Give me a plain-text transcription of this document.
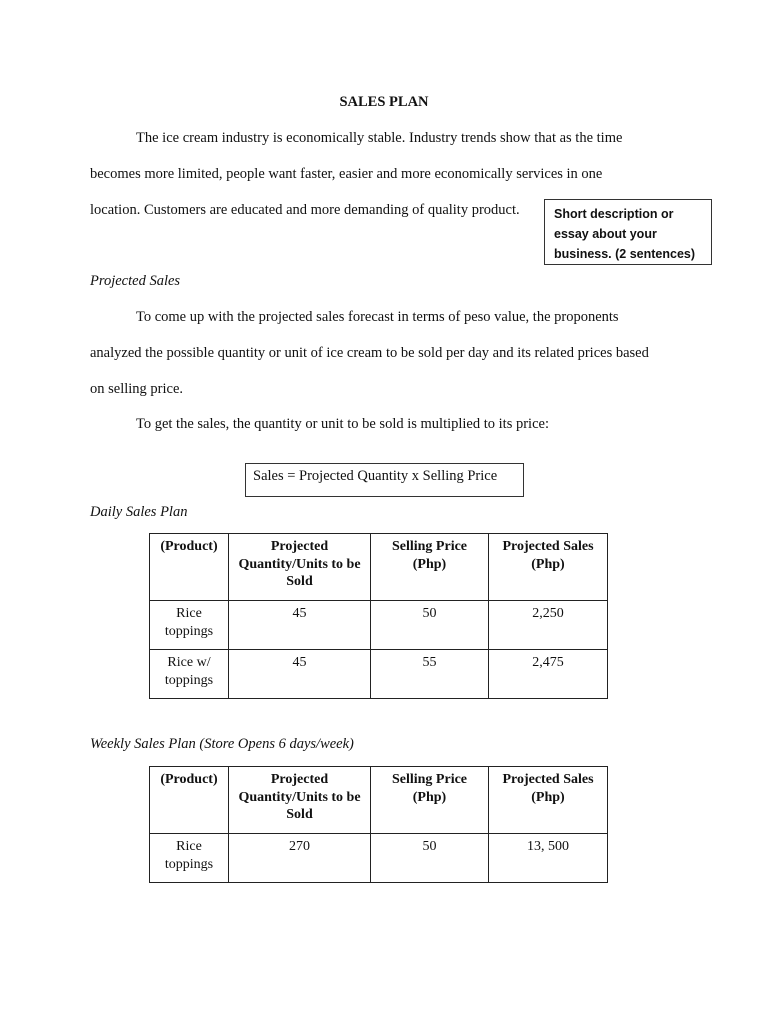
SALES PLAN
The ice cream industry is economically stable. Industry trends show that as the time
becomes more limited, people want faster, easier and more economically services in one
location. Customers are educated and more demanding of quality product.	Short description or essay about your business. (2 sentences)
Projected Sales
To come up with the projected sales forecast in terms of peso value, the proponents
analyzed the possible quantity or unit of ice cream to be sold per day and its related prices based
on selling price.
To get the sales, the quantity or unit to be sold is multiplied to its price:
Sales = Projected Quantity x Selling Price
Daily Sales Plan
(Product)	Projected Quantity/Units to be Sold	Selling Price (Php)	Projected Sales (Php)
Rice toppings	45	50	2,250
Rice w/ toppings	45	55	2,475
Weekly Sales Plan (Store Opens 6 days/week)
(Product)	Projected Quantity/Units to be Sold	Selling Price (Php)	Projected Sales (Php)
Rice toppings	270	50	13, 500
